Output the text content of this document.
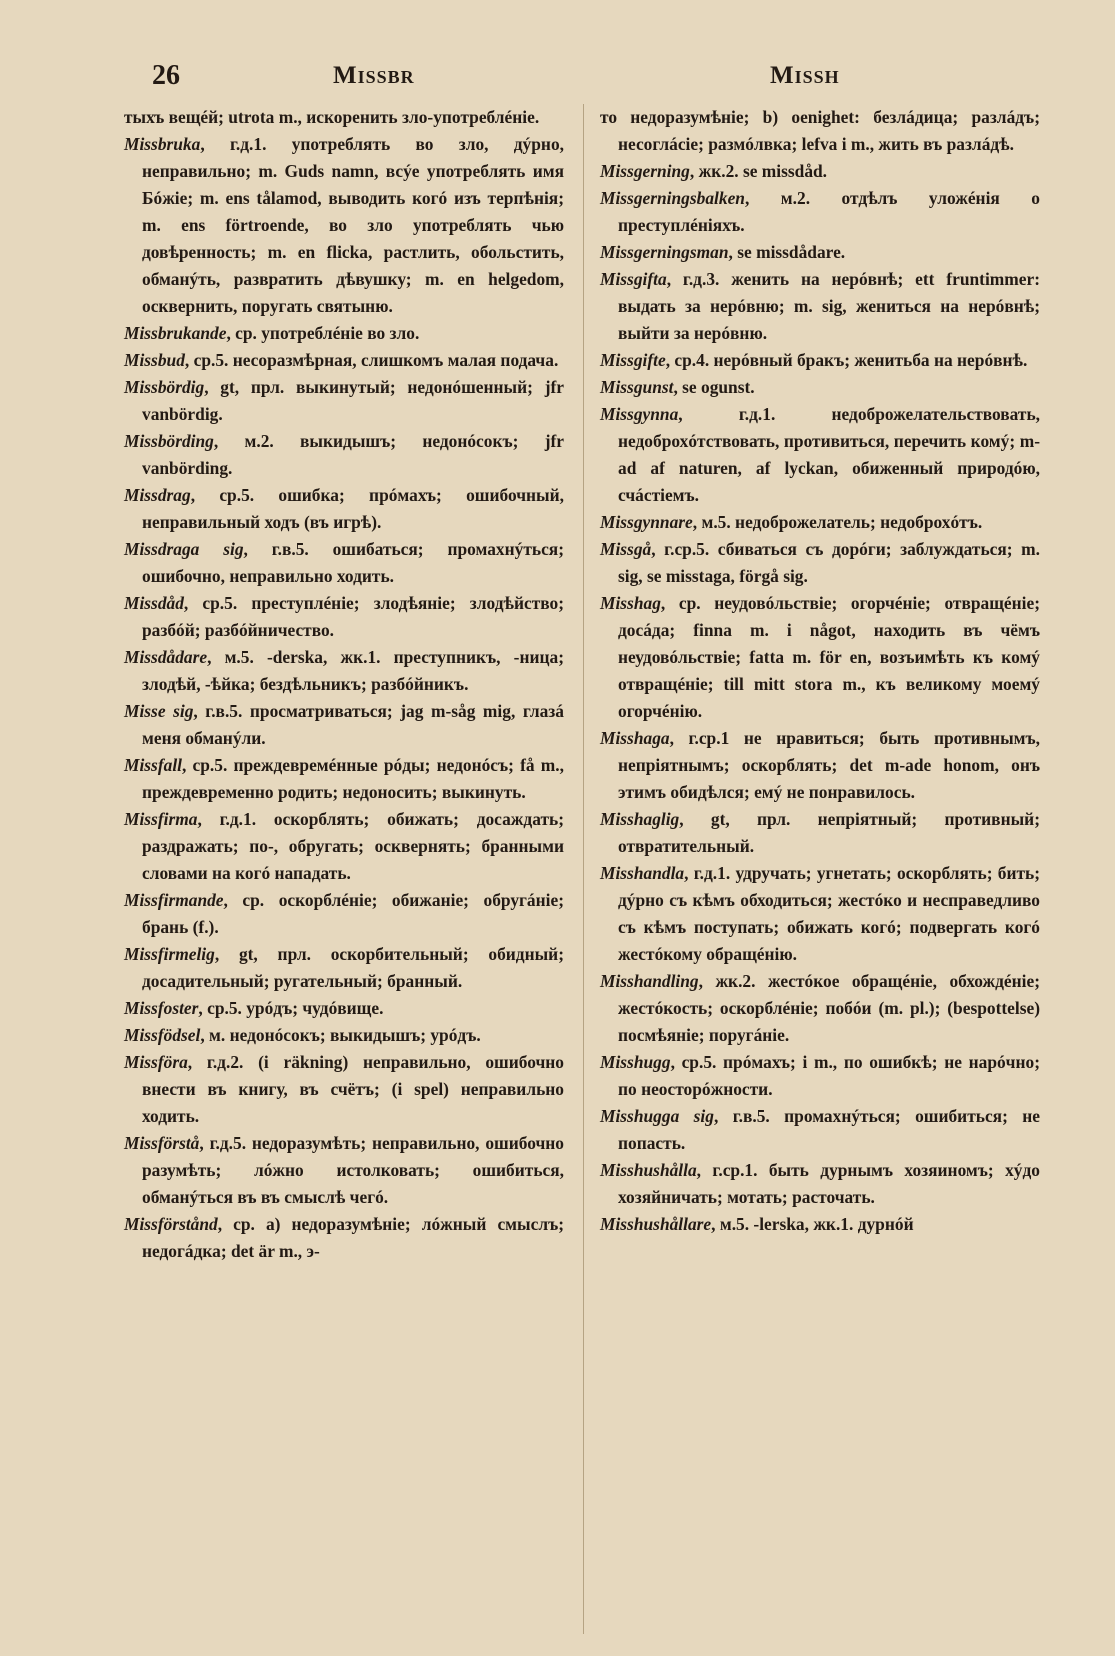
26	Missbr	Missh
тыхъ вещéй; utrota m., искоренить зло-употреблéніе.
Missbruka, г.д.1. употреблять во зло, дýрно, неправильно; m. Guds namn, всýе употреблять имя Бóжіе; m. ens tålamod, выводить когó изъ терпѣнія; m. ens förtroende, во зло употреблять чью довѣренность; m. en flicka, растлить, обольстить, обманýть, развратить дѣвушку; m. en helgedom, осквернить, поругать святыню.
Missbrukande, ср. употреблéніе во зло.
Missbud, ср.5. несоразмѣрная, слишкомъ малая подача.
Missbördig, gt, прл. выкинутый; недонóшенный; jfr vanbördig.
Missbörding, м.2. выкидышъ; недонóсокъ; jfr vanbörding.
Missdrag, ср.5. ошибка; прóмахъ; ошибочный, неправильный ходъ (въ игрѣ).
Missdraga sig, г.в.5. ошибаться; промахнýться; ошибочно, неправильно ходить.
Missdåd, ср.5. преступлéніе; злодѣяніе; злодѣйство; разбóй; разбóйничество.
Missdådare, м.5. -derska, жк.1. преступникъ, -ница; злодѣй, -ѣйка; бездѣльникъ; разбóйникъ.
Misse sig, г.в.5. просматриваться; jag m-såg mig, глазá меня обманýли.
Missfall, ср.5. преждевремéнные рóды; недонóсъ; få m., преждевременно родить; недоносить; выкинуть.
Missfirma, г.д.1. оскорблять; обижать; досаждать; раздражать; по-, обругать; осквернять; бранными словами на когó нападать.
Missfirmande, ср. оскорблéніе; обижаніе; обругáніе; брань (f.).
Missfirmelig, gt, прл. оскорбительный; обидный; досадительный; ругательный; бранный.
Missfoster, ср.5. урóдъ; чудóвище.
Missfödsel, м. недонóсокъ; выкидышъ; урóдъ.
Missföra, г.д.2. (i räkning) неправильно, ошибочно внести въ книгу, въ счётъ; (i spel) неправильно ходить.
Missförstå, г.д.5. недоразумѣть; неправильно, ошибочно разумѣть; лóжно истолковать; ошибиться, обманýться въ въ смыслѣ чегó.
Missförstånd, ср. a) недоразумѣніе; лóжный смыслъ; недогáдка; det är m., э-
то недоразумѣніе; b) oenighet: безлáдица; разлáдъ; несоглáсіе; размóлвка; lefva i m., жить въ разлáдѣ.
Missgerning, жк.2. se missdåd.
Missgerningsbalken, м.2. отдѣлъ уложéнія о преступлéніяхъ.
Missgerningsman, se missdådare.
Missgifta, г.д.3. женить на нерóвнѣ; ett fruntimmer: выдать за нерóвню; m. sig, жениться на нерóвнѣ; выйти за нерóвню.
Missgifte, ср.4. нерóвный бракъ; женитьба на нерóвнѣ.
Missgunst, se ogunst.
Missgynna, г.д.1. недоброжелательствовать, недоброхóтствовать, противиться, перечить комý; m-ad af naturen, af lyckan, обиженный природóю, счáстіемъ.
Missgynnare, м.5. недоброжелатель; недоброхóтъ.
Missgå, г.ср.5. сбиваться съ дорóги; заблуждаться; m. sig, se misstaga, förgå sig.
Misshag, ср. неудовóльствіе; огорчéніе; отвращéніе; досáда; finna m. i något, находить въ чёмъ неудовóльствіе; fatta m. för en, возъимѣть къ комý отвращéніе; till mitt stora m., къ великому моемý огорчéнію.
Misshaga, г.ср.1 не нравиться; быть противнымъ, непріятнымъ; оскорблять; det m-ade honom, онъ этимъ обидѣлся; емý не понравилось.
Misshaglig, gt, прл. непріятный; противный; отвратительный.
Misshandla, г.д.1. удручать; угнетать; оскорблять; бить; дýрно съ кѣмъ обходиться; жестóко и несправедливо съ кѣмъ поступать; обижать когó; подвергать когó жестóкому обращéнію.
Misshandling, жк.2. жестóкое обращéніе, обхождéніе; жестóкость; оскорблéніе; побóи (m. pl.); (bespottelse) посмѣяніе; поругáніе.
Misshugg, ср.5. прóмахъ; i m., по ошибкѣ; не нарóчно; по неосторóжности.
Misshugga sig, г.в.5. промахнýться; ошибиться; не попасть.
Misshushålla, г.ср.1. быть дурнымъ хозяиномъ; хýдо хозяйничать; мотать; расточать.
Misshushållare, м.5. -lerska, жк.1. дурнóй
